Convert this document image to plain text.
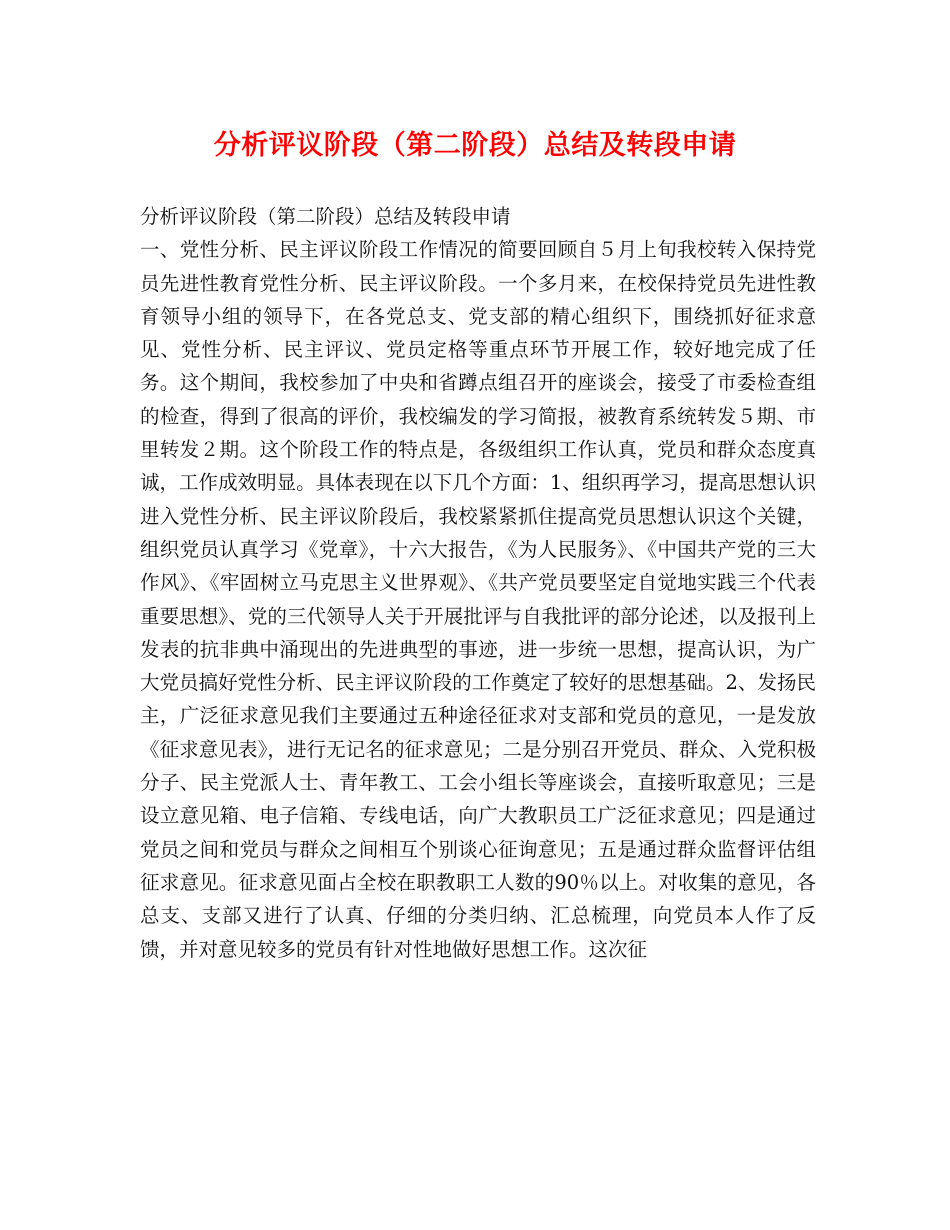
分析评议阶段（第二阶段）总结及转段申请

分析评议阶段（第二阶段）总结及转段申请

一、党性分析、民主评议阶段工作情况的简要回顾自５月上旬我校转入保持党员先进性教育党性分析、民主评议阶段。一个多月来，在校保持党员先进性教育领导小组的领导下，在各党总支、党支部的精心组织下，围绕抓好征求意见、党性分析、民主评议、党员定格等重点环节开展工作，较好地完成了任务。这个期间，我校参加了中央和省蹲点组召开的座谈会，接受了市委检查组的检查，得到了很高的评价，我校编发的学习简报，被教育系统转发５期、市里转发２期。这个阶段工作的特点是，各级组织工作认真，党员和群众态度真诚，工作成效明显。具体表现在以下几个方面：1、组织再学习，提高思想认识进入党性分析、民主评议阶段后，我校紧紧抓住提高党员思想认识这个关键，组织党员认真学习《党章》，十六大报告，《为人民服务》、《中国共产党的三大作风》、《牢固树立马克思主义世界观》、《共产党员要坚定自觉地实践三个代表重要思想》、党的三代领导人关于开展批评与自我批评的部分论述，以及报刊上发表的抗非典中涌现出的先进典型的事迹，进一步统一思想，提高认识，为广大党员搞好党性分析、民主评议阶段的工作奠定了较好的思想基础。2、发扬民主，广泛征求意见我们主要通过五种途径征求对支部和党员的意见，一是发放《征求意见表》，进行无记名的征求意见；二是分别召开党员、群众、入党积极分子、民主党派人士、青年教工、工会小组长等座谈会，直接听取意见；三是设立意见箱、电子信箱、专线电话，向广大教职员工广泛征求意见；四是通过党员之间和党员与群众之间相互个别谈心征询意见；五是通过群众监督评估组征求意见。征求意见面占全校在职教职工人数的90％以上。对收集的意见，各总支、支部又进行了认真、仔细的分类归纳、汇总梳理，向党员本人作了反馈，并对意见较多的党员有针对性地做好思想工作。这次征
